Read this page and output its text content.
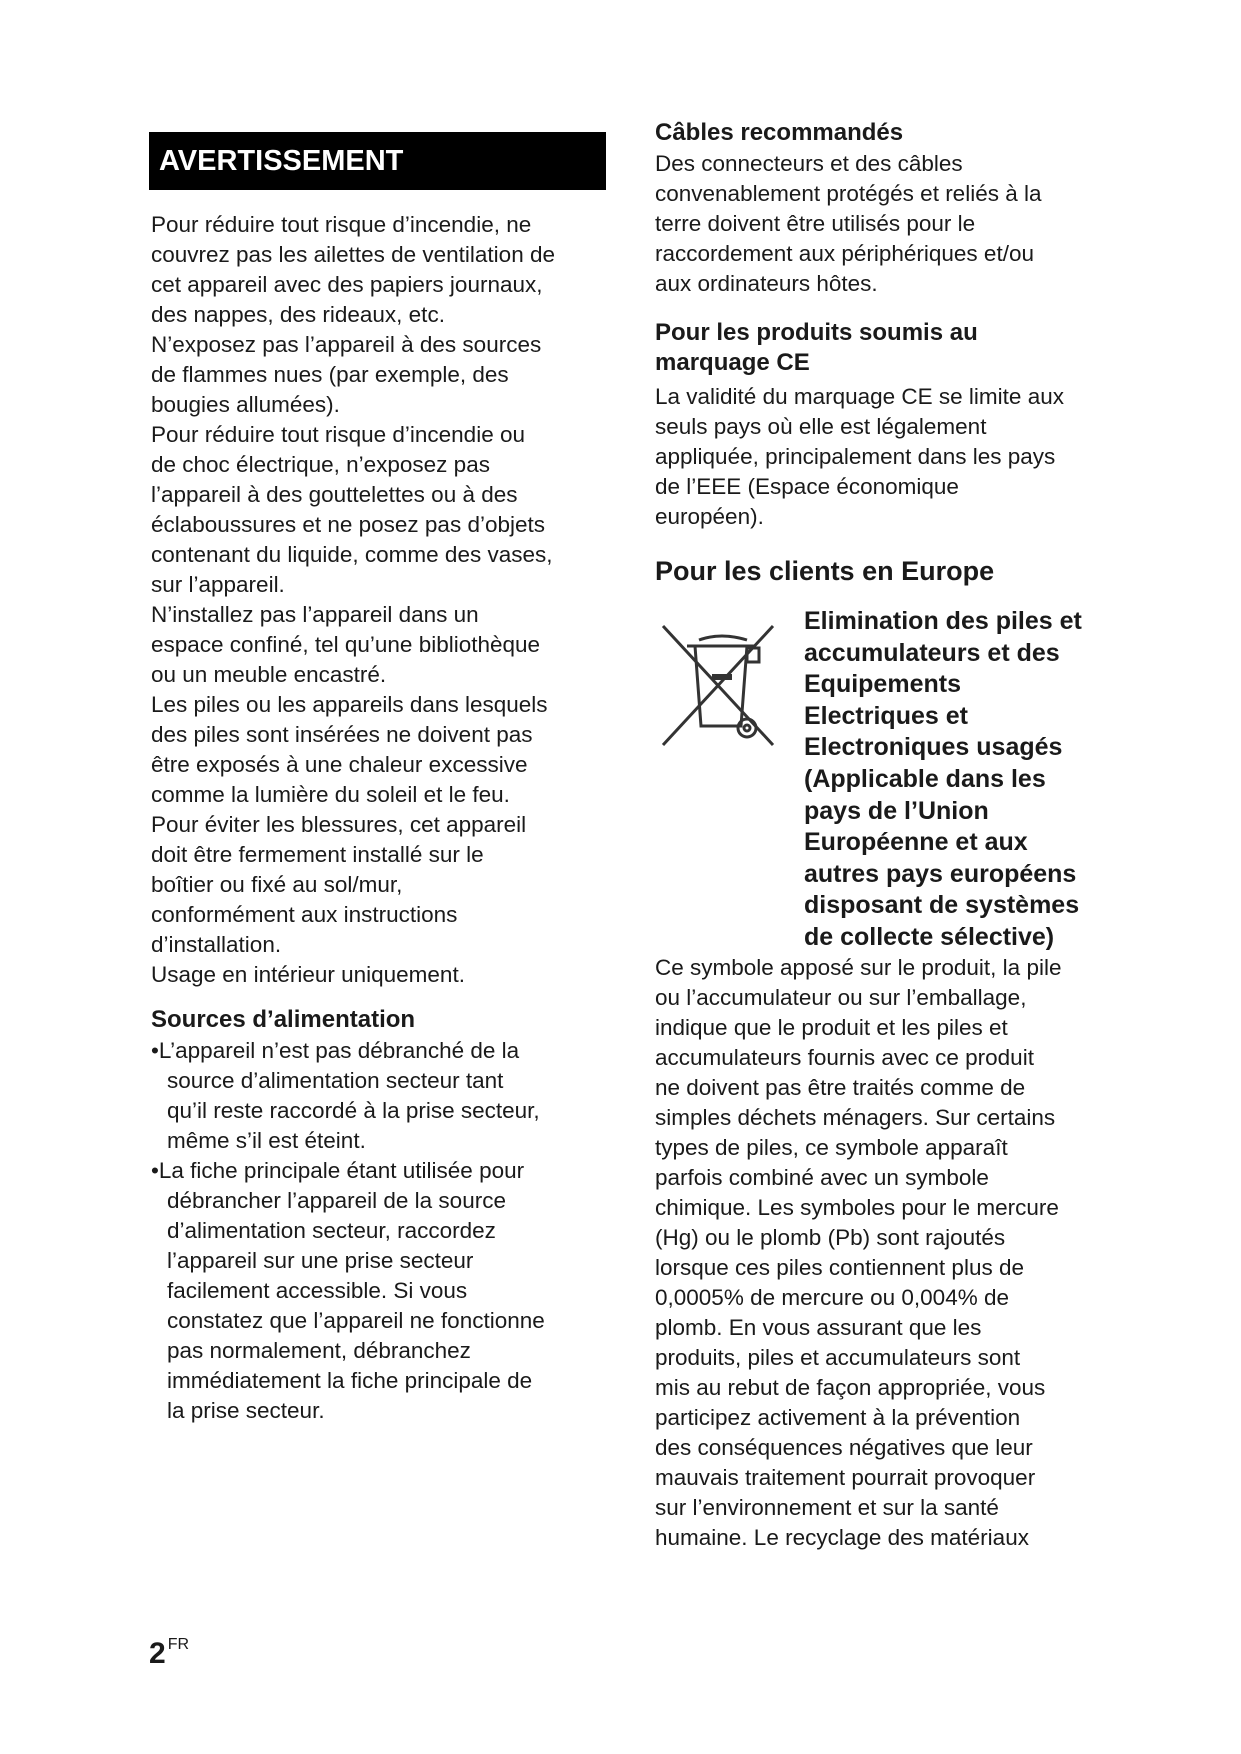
AVERTISSEMENT
Pour réduire tout risque d’incendie, ne
couvrez pas les ailettes de ventilation de
cet appareil avec des papiers journaux,
des nappes, des rideaux, etc.
N’exposez pas l’appareil à des sources
de flammes nues (par exemple, des
bougies allumées).
Pour réduire tout risque d’incendie ou
de choc électrique, n’exposez pas
l’appareil à des gouttelettes ou à des
éclaboussures et ne posez pas d’objets
contenant du liquide, comme des vases,
sur l’appareil.
N’installez pas l’appareil dans un
espace confiné, tel qu’une bibliothèque
ou un meuble encastré.
Les piles ou les appareils dans lesquels
des piles sont insérées ne doivent pas
être exposés à une chaleur excessive
comme la lumière du soleil et le feu.
Pour éviter les blessures, cet appareil
doit être fermement installé sur le
boîtier ou fixé au sol/mur,
conformément aux instructions
d’installation.
Usage en intérieur uniquement.
Sources d’alimentation
•L’appareil n’est pas débranché de la
source d’alimentation secteur tant
qu’il reste raccordé à la prise secteur,
même s’il est éteint.
•La fiche principale étant utilisée pour
débrancher l’appareil de la source
d’alimentation secteur, raccordez
l’appareil sur une prise secteur
facilement accessible. Si vous
constatez que l’appareil ne fonctionne
pas normalement, débranchez
immédiatement la fiche principale de
la prise secteur.
Câbles recommandés
Des connecteurs et des câbles
convenablement protégés et reliés à la
terre doivent être utilisés pour le
raccordement aux périphériques et/ou
aux ordinateurs hôtes.
Pour les produits soumis au
marquage CE
La validité du marquage CE se limite aux
seuls pays où elle est légalement
appliquée, principalement dans les pays
de l’EEE (Espace économique
européen).
Pour les clients en Europe
Elimination des piles et
accumulateurs et des
Equipements
Electriques et
Electroniques usagés
(Applicable dans les
pays de l’Union
Européenne et aux
autres pays européens
disposant de systèmes
de collecte sélective)
Ce symbole apposé sur le produit, la pile
ou l’accumulateur ou sur l’emballage,
indique que le produit et les piles et
accumulateurs fournis avec ce produit
ne doivent pas être traités comme de
simples déchets ménagers. Sur certains
types de piles, ce symbole apparaît
parfois combiné avec un symbole
chimique. Les symboles pour le mercure
(Hg) ou le plomb (Pb) sont rajoutés
lorsque ces piles contiennent plus de
0,0005% de mercure ou 0,004% de
plomb. En vous assurant que les
produits, piles et accumulateurs sont
mis au rebut de façon appropriée, vous
participez activement à la prévention
des conséquences négatives que leur
mauvais traitement pourrait provoquer
sur l’environnement et sur la santé
humaine. Le recyclage des matériaux
2 $^{FR}$
